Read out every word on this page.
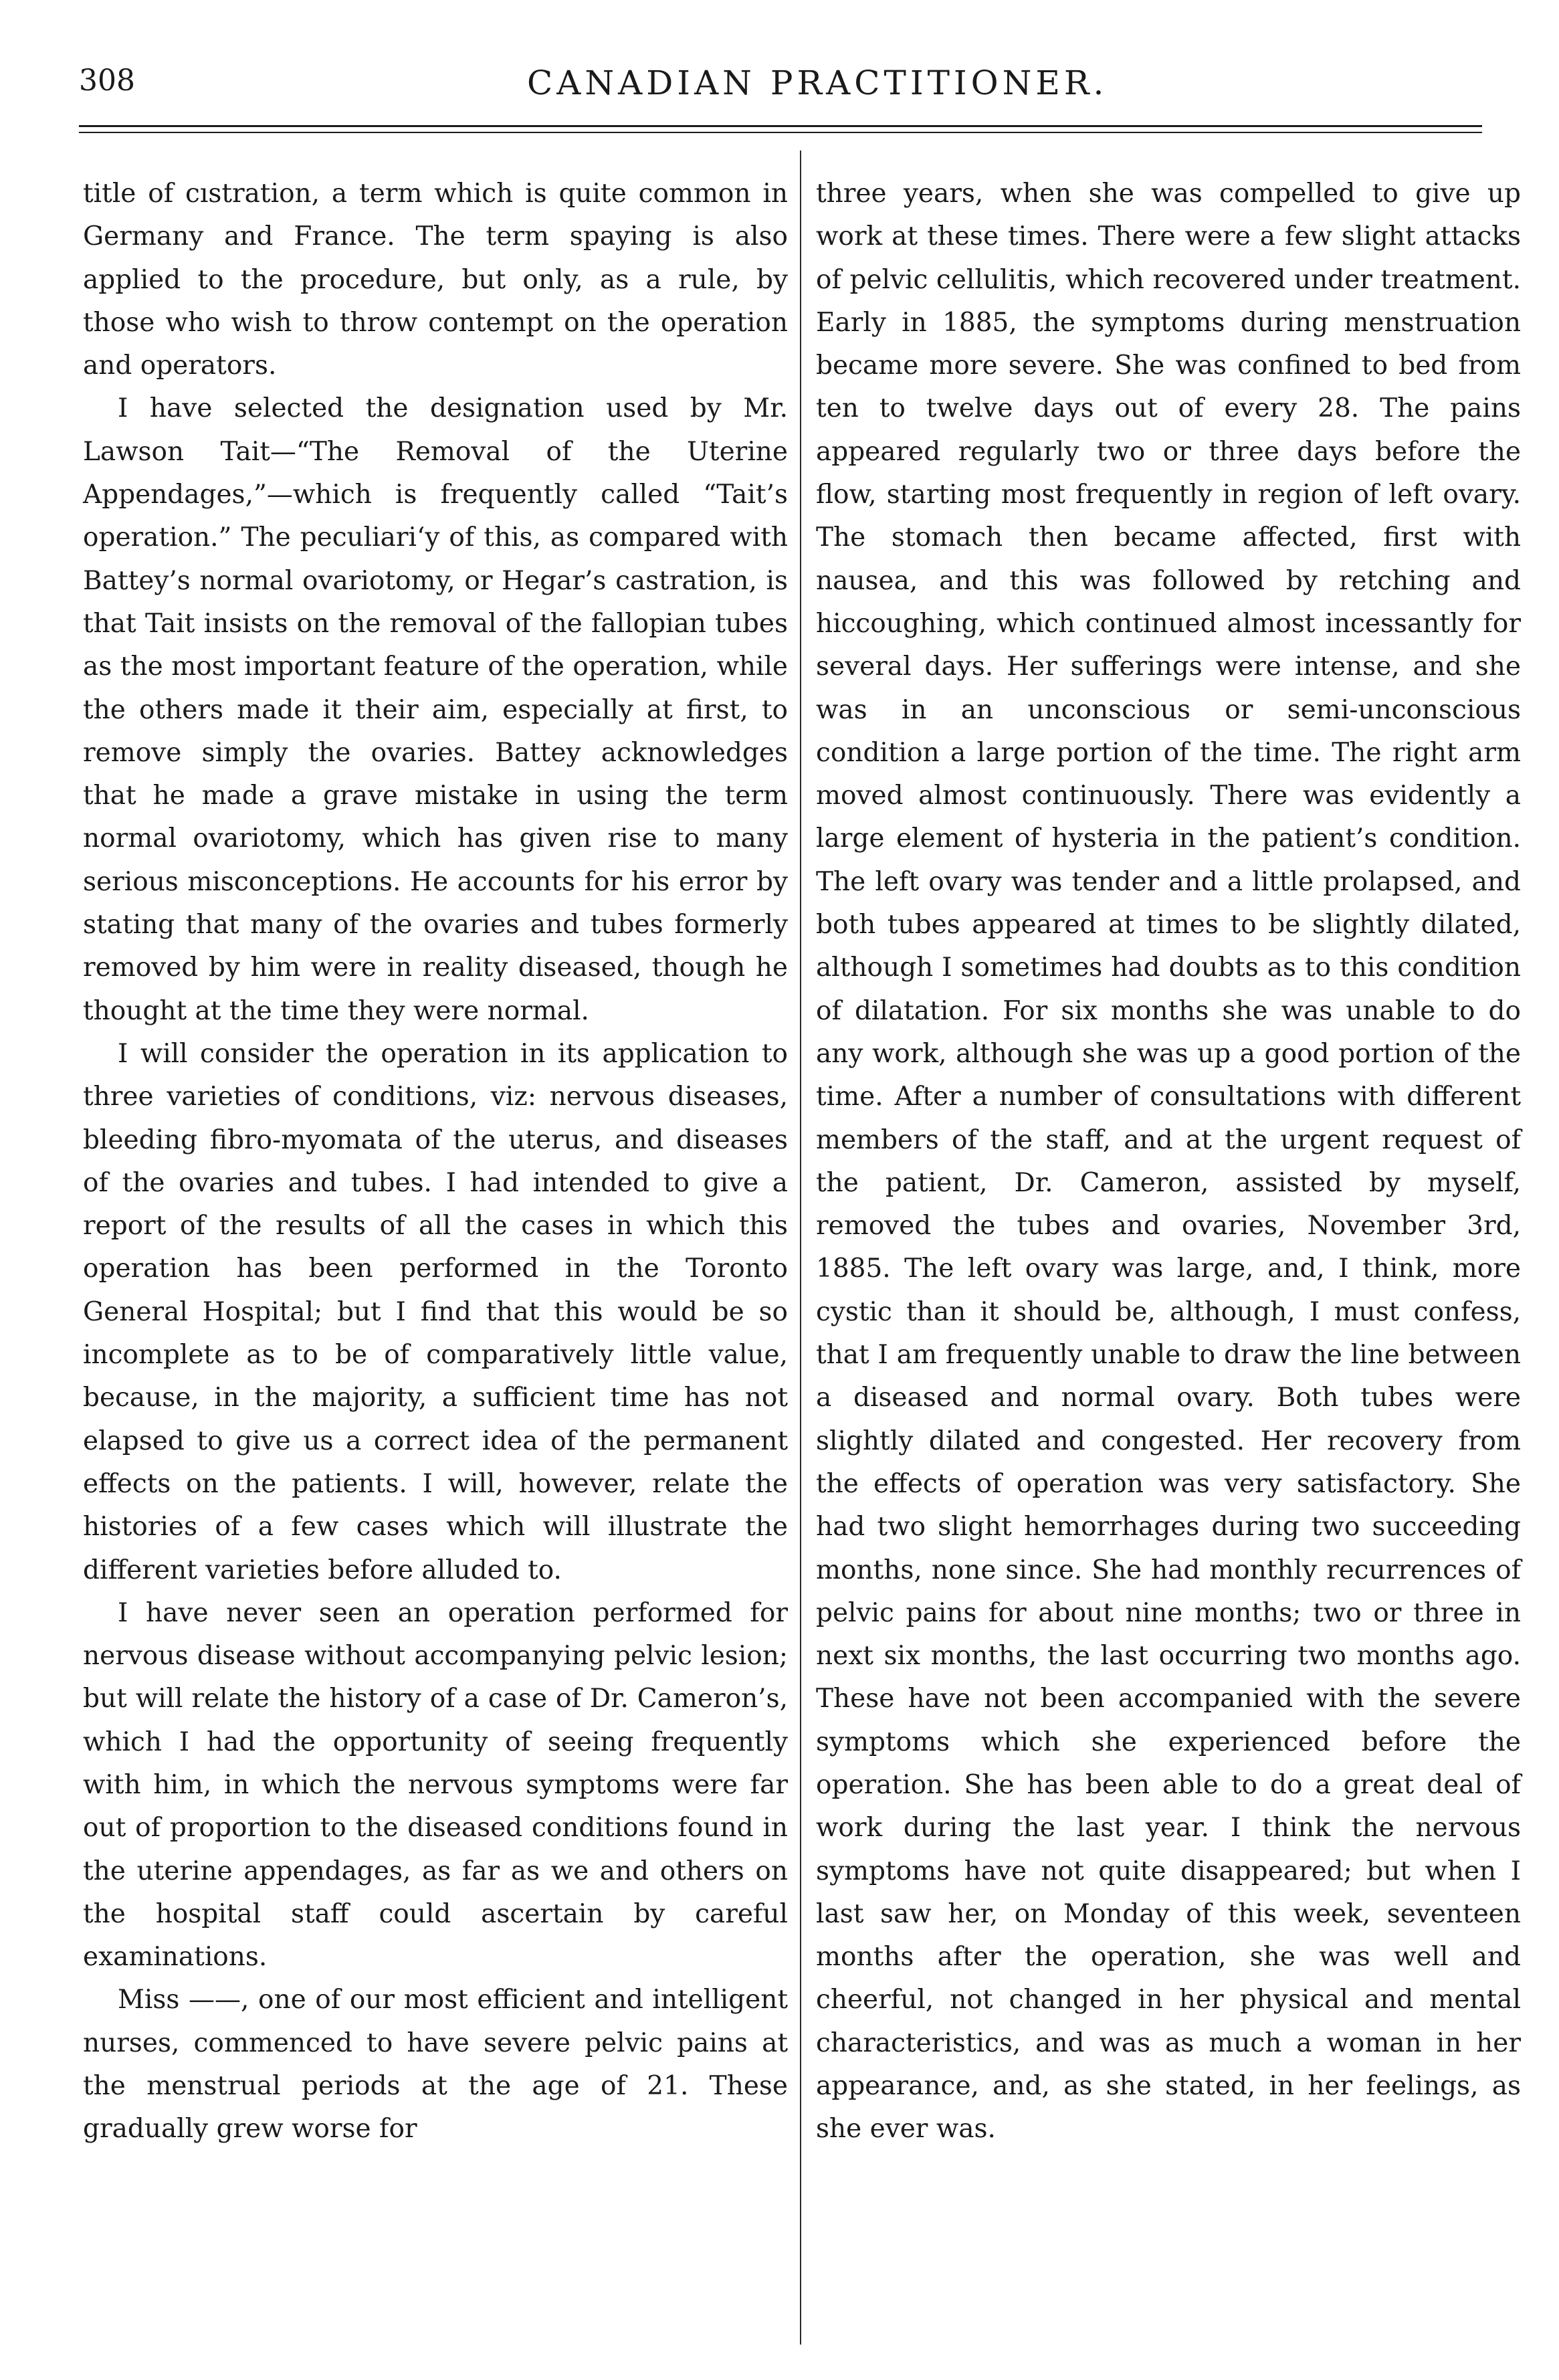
308	CANADIAN PRACTITIONER.

title of cıstration, a term which is quite common in Germany and France. The term spaying is also applied to the procedure, but only, as a rule, by those who wish to throw contempt on the operation and operators.

I have selected the designation used by Mr. Lawson Tait—“The Removal of the Uterine Appendages,”—which is frequently called “Tait’s operation.” The peculiariʻy of this, as compared with Battey’s normal ovariotomy, or Hegar’s castration, is that Tait insists on the removal of the fallopian tubes as the most important feature of the operation, while the others made it their aim, especially at first, to remove simply the ovaries. Battey acknowledges that he made a grave mistake in using the term normal ovariotomy, which has given rise to many serious misconceptions. He accounts for his error by stating that many of the ovaries and tubes formerly removed by him were in reality diseased, though he thought at the time they were normal.

I will consider the operation in its application to three varieties of conditions, viz: nervous diseases, bleeding fibro-myomata of the uterus, and diseases of the ovaries and tubes. I had intended to give a report of the results of all the cases in which this operation has been performed in the Toronto General Hospital; but I find that this would be so incomplete as to be of comparatively little value, because, in the majority, a sufficient time has not elapsed to give us a correct idea of the permanent effects on the patients. I will, however, relate the histories of a few cases which will illustrate the different varieties before alluded to.

I have never seen an operation performed for nervous disease without accompanying pelvic lesion; but will relate the history of a case of Dr. Cameron’s, which I had the opportunity of seeing frequently with him, in which the nervous symptoms were far out of proportion to the diseased conditions found in the uterine appendages, as far as we and others on the hospital staff could ascertain by careful examinations.

Miss ——, one of our most efficient and intelligent nurses, commenced to have severe pelvic pains at the menstrual periods at the age of 21. These gradually grew worse for

three years, when she was compelled to give up work at these times. There were a few slight attacks of pelvic cellulitis, which recovered under treatment. Early in 1885, the symptoms during menstruation became more severe. She was confined to bed from ten to twelve days out of every 28. The pains appeared regularly two or three days before the flow, starting most frequently in region of left ovary. The stomach then became affected, first with nausea, and this was followed by retching and hiccoughing, which continued almost incessantly for several days. Her sufferings were intense, and she was in an unconscious or semi-unconscious condition a large portion of the time. The right arm moved almost continuously. There was evidently a large element of hysteria in the patient’s condition. The left ovary was tender and a little prolapsed, and both tubes appeared at times to be slightly dilated, although I sometimes had doubts as to this condition of dilatation. For six months she was unable to do any work, although she was up a good portion of the time. After a number of consultations with different members of the staff, and at the urgent request of the patient, Dr. Cameron, assisted by myself, removed the tubes and ovaries, November 3rd, 1885. The left ovary was large, and, I think, more cystic than it should be, although, I must confess, that I am frequently unable to draw the line between a diseased and normal ovary. Both tubes were slightly dilated and congested. Her recovery from the effects of operation was very satisfactory. She had two slight hemorrhages during two succeeding months, none since. She had monthly recurrences of pelvic pains for about nine months; two or three in next six months, the last occurring two months ago. These have not been accompanied with the severe symptoms which she experienced before the operation. She has been able to do a great deal of work during the last year. I think the nervous symptoms have not quite disappeared; but when I last saw her, on Monday of this week, seventeen months after the operation, she was well and cheerful, not changed in her physical and mental characteristics, and was as much a woman in her appearance, and, as she stated, in her feelings, as she ever was.
